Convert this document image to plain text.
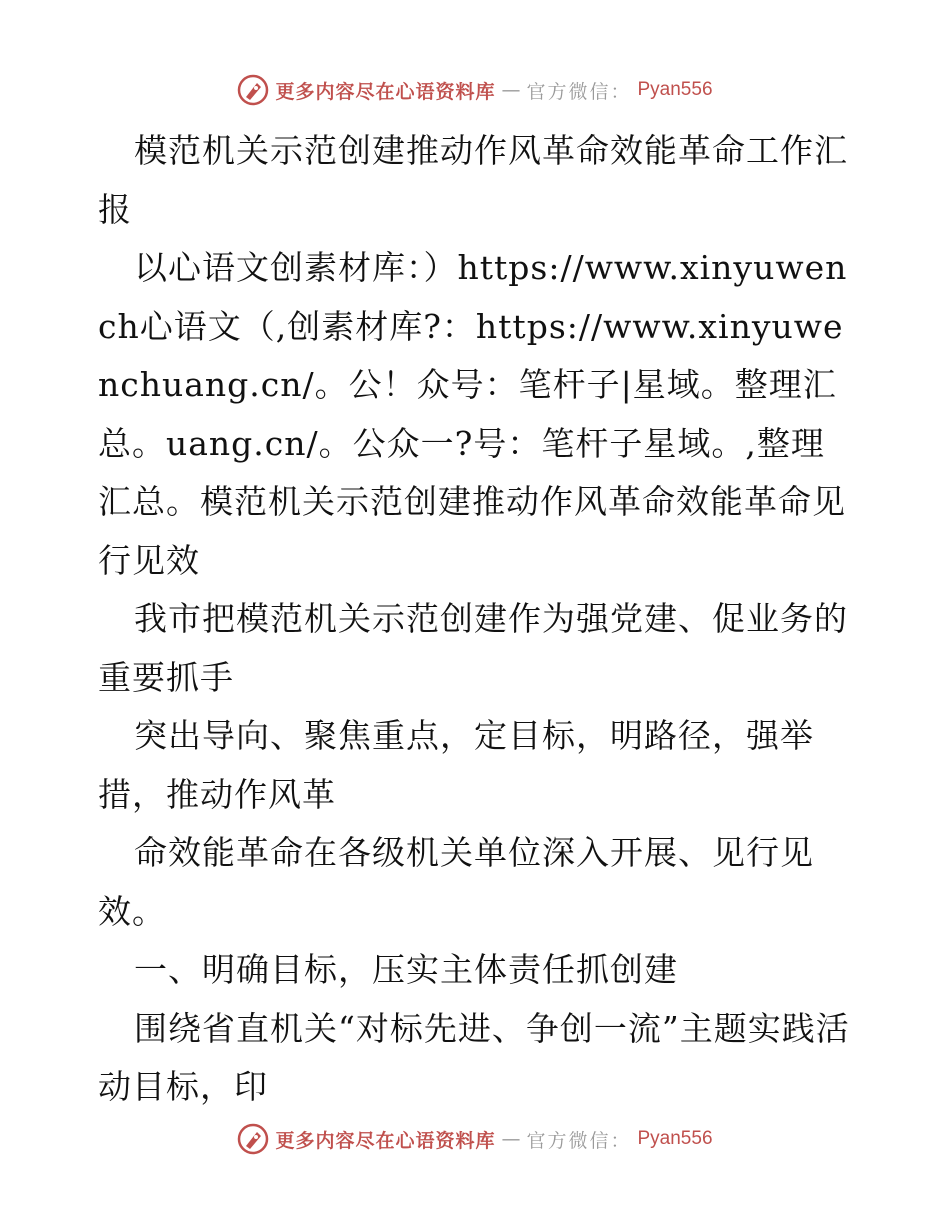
更多内容尽在心语资料库 — 官方微信： Pyan556

模范机关示范创建推动作风革命效能革命工作汇报

以心语文创素材库：）https://www.xinyuwench心语文（,创素材库?：https://www.xinyuwenchuang.cn/。公！众号：笔杆子|星域。整理汇总。uang.cn/。公众一?号：笔杆子星域。,整理汇总。模范机关示范创建推动作风革命效能革命见行见效

我市把模范机关示范创建作为强党建、促业务的重要抓手

突出导向、聚焦重点，定目标，明路径，强举措，推动作风革

命效能革命在各级机关单位深入开展、见行见效。

一、明确目标，压实主体责任抓创建

围绕省直机关“对标先进、争创一流”主题实践活动目标，印

更多内容尽在心语资料库 — 官方微信： Pyan556
